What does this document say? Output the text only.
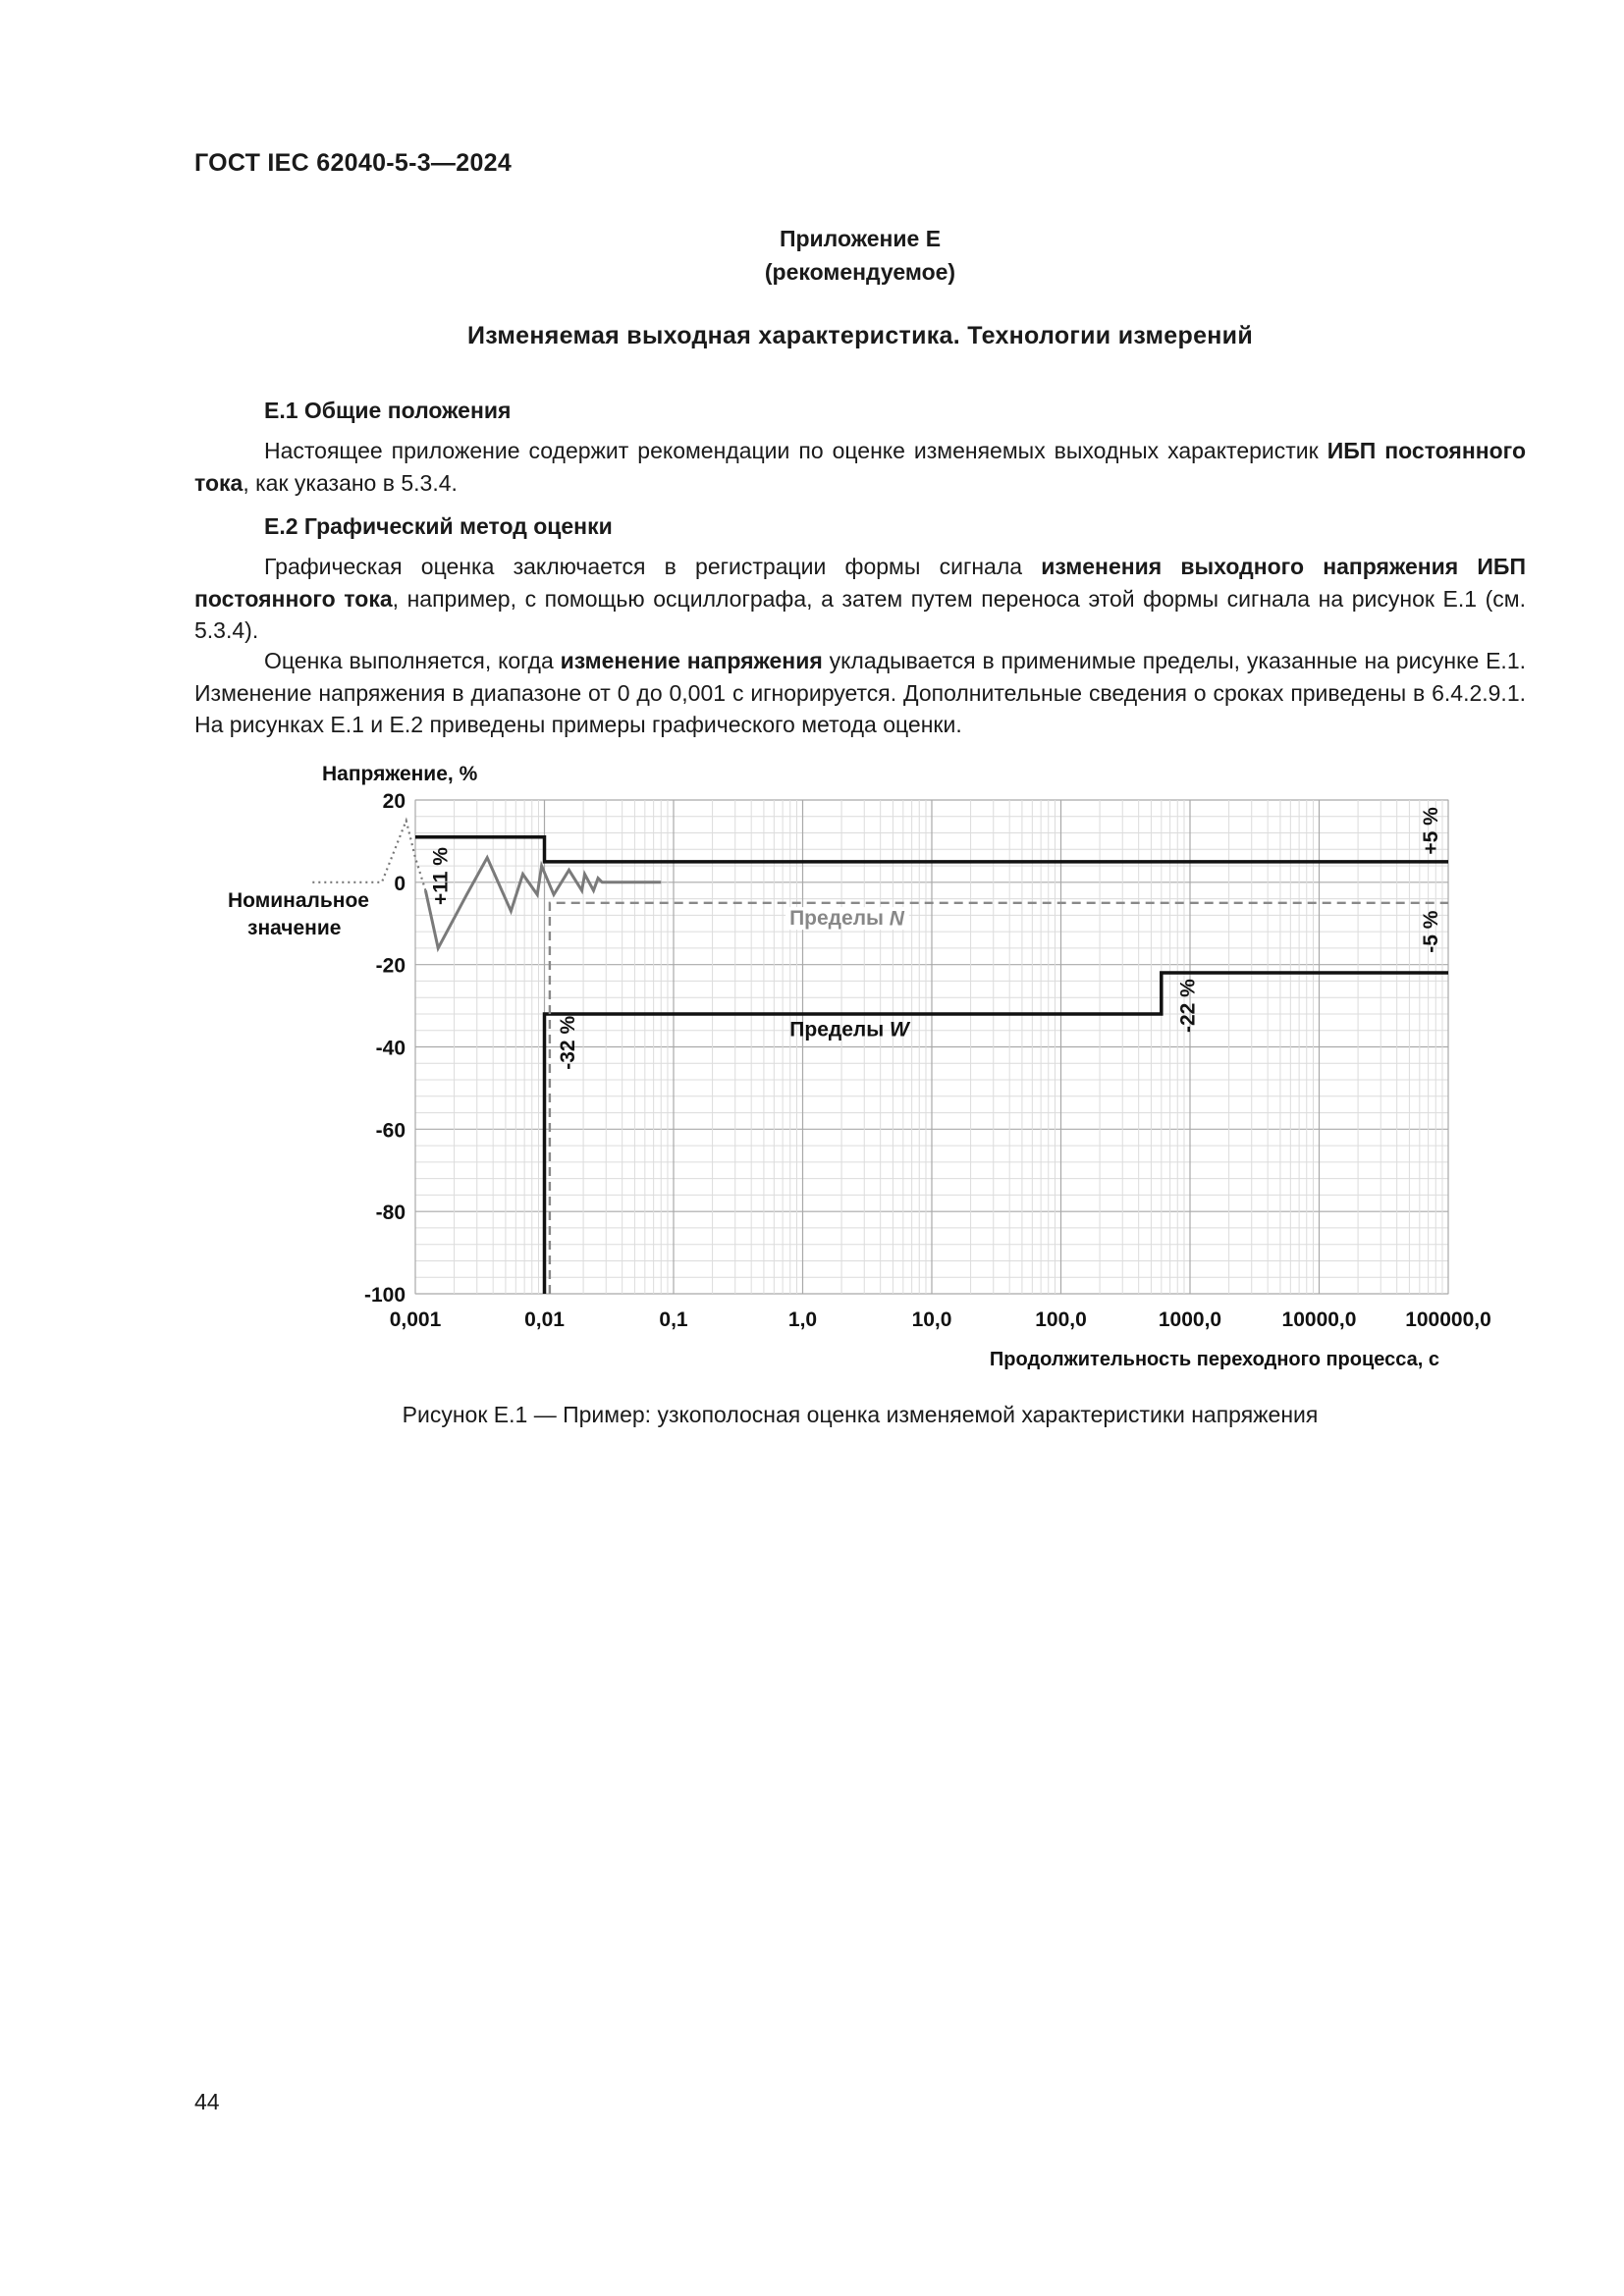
ГОСТ IEC 62040-5-3—2024
Приложение Е
(рекомендуемое)
Изменяемая выходная характеристика. Технологии измерений
Е.1 Общие положения

Настоящее приложение содержит рекомендации по оценке изменяемых выходных характеристик ИБП постоянного тока, как указано в 5.3.4.

Е.2 Графический метод оценки

Графическая оценка заключается в регистрации формы сигнала изменения выходного напряжения ИБП постоянного тока, например, с помощью осциллографа, а затем путем переноса этой формы сигнала на рисунок Е.1 (см. 5.3.4).

Оценка выполняется, когда изменение напряжения укладывается в применимые пределы, указанные на рисунке Е.1. Изменение напряжения в диапазоне от 0 до 0,001 с игнорируется. Дополнительные сведения о сроках приведены в 6.4.2.9.1. На рисунках Е.1 и Е.2 приведены примеры графического метода оценки.

20
0
-20
-40
-60
-80
-100
0,001	0,01	0,1	1,0	10,0	100,0	1000,0	10000,0 100000,0
Напряжение, %
Продолжительность переходного процесса, с
Номинальное
значение
+11 %
+5 %
-5 %
-22 %
-32 %
Пределы N
Пределы W
Рисунок Е.1 — Пример: узкополосная оценка изменяемой характеристики напряжения
44
